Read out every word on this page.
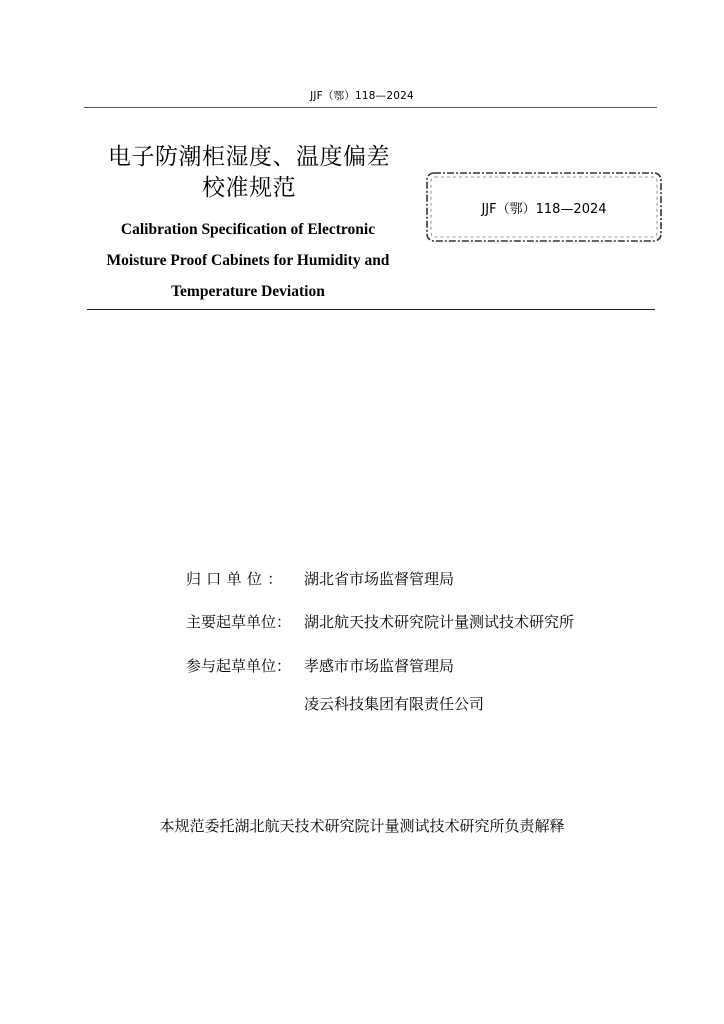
JJF（鄂）118—2024
电子防潮柜湿度、温度偏差
校准规范
Calibration Specification of Electronic
Moisture Proof Cabinets for Humidity and
Temperature Deviation
JJF（鄂）118—2024
归口单位： 湖北省市场监督管理局
主要起草单位： 湖北航天技术研究院计量测试技术研究所
参与起草单位： 孝感市市场监督管理局
凌云科技集团有限责任公司
本规范委托湖北航天技术研究院计量测试技术研究所负责解释
